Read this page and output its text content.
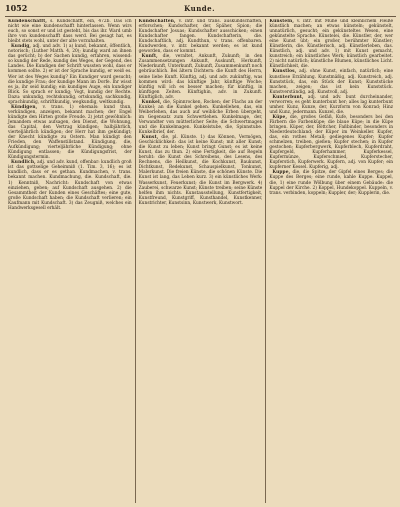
1052	Kunde.

Kundenschafft, s. Kundschafft, ein, 472b. Das ich nicht wie eine kundenschafft hinterlassen. Wenn wirs euch, so sonst er und ist gesteht, bis das ihr. Ward umb ihre von kundenschafft dass werd. Bei gesagt hat, es bleibt stets wohl, unter der alte vorzuhalten.

Kundig, adj. und adv. 1) a) kund, bekannt, öffentlich, notorisch; (Luther Matth. 4, 20); kundig ward an ihnen das gerücht; b) der Sachen kundig, erfahren, wissend: so kundig der Rede, kundig des Weges, der Gegend, des Landes. Die Kundigen der Schrift wussten wohl, dass er kommen sollte. 2) er ist der Sprache kundig, er weiß es. Wer ist des Weges kundig? Ein Kundiger ward gesucht; die kundige Frau; der kundige Mann im Dorfe. Ihr wisst es ja, ihr seid kundig; ein kundiges Auge, ein kundiger Blick. So sprach er kundig; Vogt, kundig der Rechte. Dazu: unkundig, rechtskundig, ortskundig, sachkundig, sprachkundig, schriftkundig, wegkundig, weltkundig.

Kündigen, v. trans. 1) ehemals: kund thun, verkündigen, anzeigen, bekannt machen; der Engel kündigte den Hirten große Freude. 2) jetzt gewöhnlich: Jemandem etwas aufsagen, den Dienst, die Wohnung, das Capital, den Vertrag kündigen; halbjährlich, vierteljährlich kündigen; der Herr hat ihm gekündigt; der Knecht kündigte zu Ostern. Man kündigt den Frieden, den Waffenstillstand. Kündigung, die, Aufkündigung; vierteljährliche Kündigung; ohne Kündigung entlassen; die Kündigungsfrist, der Kündigungstermin.

Kundlich, adj. und adv. kund, offenbar: kundlich groß ist das gottselige Geheimniß (1. Tim. 3, 16); es ist kundlich, dass er es gethan. Kundmachen, v. trans. bekannt machen. Kundmachung, die. Kundschaft, die. 1) Kenntniß, Nachricht: Kundschaft von etwas einziehen, geben; auf Kundschaft ausgehen. 2) die Gesammtheit der Kunden eines Geschäftes; eine gute, große Kundschaft haben; die Kundschaft verlieren; ein Kaufmann mit Kundschaft. 3) das Zeugniß, welches ein Handwerksgesell erhält.

Kundschaften, v. intr. und trans. auskundschaften, erforschen; Kundschafter, der, Späher, Spion; die Kundschafter Josuas; Kundschafter ausschicken; einen Kundschafter fangen. Kundschafterin, die. Kundschaftlich, adj. Kundthun, v. trans. offenbaren. Kundwerden, v. intr. bekannt werden; es ist kund geworden, dass er kommt.

Kunft, die, veraltet, Ankunft, Zukunft; in den Zusammensetzungen Ankunft, Auskunft, Herkunft, Niederkunft, Unterkunft, Zukunft, Zusammenkunft noch gebräuchlich. Bei ältern Dichtern: die Kunft des Herrn, seine liebe Kunft. Künftig, adj. und adv. zukünftig, was kommen wird: das künftige Jahr, künftige Woche; künftig will ich es besser machen; für künftig, in künftigen Zeiten. Künftighin, adv. in Zukunft. Künftiglich, adv.

Kunkel, die, Spinnrocken, Rocken; der Flachs an der Kunkel; an die Kunkel gehen. Kunkellehen, das, ein Weiberlehen, das auch auf weibliche Erben übergeht, im Gegensatz zum Schwertlehen. Kunkelmage, der, Verwandter von mütterlicher Seite; die Schwertmagen und die Kunkelmagen. Kunkelstube, die, Spinnstube. Kunkelbrief, der.

Kunst, die, pl. Künste. 1) das Können, Vermögen, Geschicklichkeit: das ist keine Kunst; mit aller Kunst; die Kunst zu leben; Kunst bringt Gunst; es ist keine Kunst, das zu thun. 2) eine Fertigkeit, die auf Regeln beruht: die Kunst des Schreibens, des Lesens, des Rechnens, die Heilkunst, die Kochkunst, Baukunst, Dichtkunst, Redekunst, Schauspielkunst, Tonkunst, Malerkunst. Die freien Künste, die schönen Künste. Die Kunst ist lang, das Leben kurz. 3) ein künstliches Werk: Wasserkunst, Feuerkunst; die Kunst im Bergwerk. 4) Zauberei, schwarze Kunst; Künste treiben; seine Künste helfen ihm nichts. Kunstausstellung, Kunstfertigkeit, Kunstfreund, Kunstgriff, Kunsthandel, Kunstkenner, Kunstrichter, Kunstsinn, Kunstwerk, Kunstwort.

Künsteln, v. intr. mit Mühe und kleinlichem Fleiße künstlich machen; an etwas künsteln; gekünstelt, unnatürlich, gesucht; ein gekünsteltes Wesen, eine gekünstelte Sprache. Künstelei, die. Künstler, der, wer eine Kunst übt; ein großer, berühmter Künstler; Künstlerin, die. Künstlerisch, adj. Künstlerleben, das. Künstlich, adj. und adv. 1) mit Kunst gemacht, kunstreich; ein künstliches Werk; künstlich gearbeitet. 2) nicht natürlich; künstliche Blumen, künstliches Licht. Künstlichkeit, die.

Kunstlos, adj. ohne Kunst, einfach, natürlich; eine kunstlose Erzählung. Kunstmäßig, adj. Kunstreich, adj. Kunststück, das, ein Stück der Kunst; Kunststücke machen, zeigen; das ist kein Kunststück. Kunstverständig, adj. Kunstvoll, adj.

Kunterbunt, adj. und adv. bunt durcheinander, verworren; es geht kunterbunt her; alles lag kunterbunt umher. Kunz, Kunze, der, Kurzform von Konrad; Hinz und Kunz, jedermann. Kunzel, die.

Küpe, die, großes Gefäß, Kufe, besonders bei den Färbern die Farbenküpe; die blaue Küpe; in die Küpe bringen. Küper, der, Böttcher, Faßbinder, besonders in Niederdeutschland; der Küper im Weinkeller. Kupfer, das, ein rothes Metall; gediegenes Kupfer; Kupfer schmelzen, treiben, gießen; Kupfer stechen; in Kupfer gestochen; Kupferbergwerk, Kupferblech, Kupferdraht, Kupfergeld, Kupferhammer, Kupferkessel, Kupfermünze, Kupferschmied, Kupferstecher, Kupferstich, Kupferwerk. Kupfern, adj. von Kupfer; ein kupferner Kessel. Kupferig, adj.

Kuppe, die, die Spitze, der Gipfel eines Berges; die Kuppe des Berges; eine runde, kahle Kuppe. Kuppel, die, 1) eine runde Wölbung über einem Gebäude: die Kuppel der Kirche. 2) Koppel, Hundekoppel. Kuppeln, v. trans. verbinden, koppeln; Kuppler, der; Kupplerin, die.
